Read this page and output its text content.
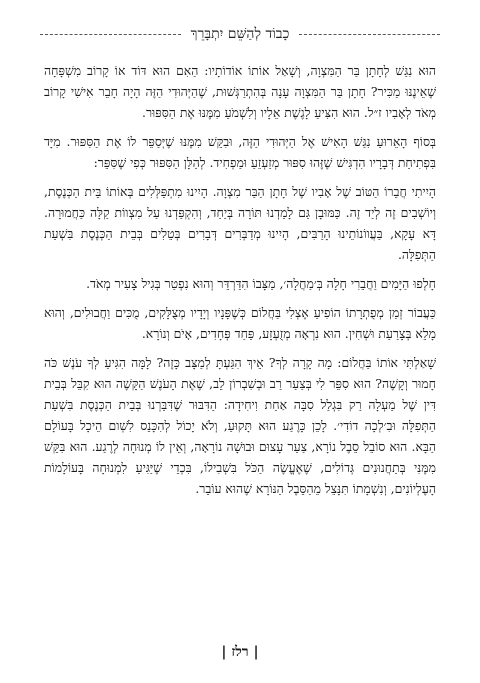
כָבוֹד לְהַשֵּׁם יִתְבָּרֵךְ

הוּא נִגַּשׁ לְחָתָן בַּר הַמִּצְוָה, וְשָׁאַל אוֹתוֹ אוֹדוֹתָיו: הַאִם הוּא דּוֹד אוֹ קָרוֹב מִשְׁפָּחָה שֶׁאֵינֶנּוּ מַכִּיר? חָתָן בַּר הַמִּצְוָה עָנָה בְּהִתְרַגְּשׁוּת, שֶׁהַיְּהוּדִי הַזֶּה הָיָה חָבֵר אִישִׁי קָרוֹב מְאֹד לְאָבִיו ז״ל. הוּא הִצִּיעַ לָגֶשֶׁת אֵלָיו וְלִשְׁמֹעַ מִמֶּנּוּ אֶת הַסִּפּוּר.

בְּסוֹף הָאֵרוּעַ נִגַּשׁ הָאִישׁ אֶל הַיְּהוּדִי הַזֶּה, וּבִקֵּשׁ מִמֶּנּוּ שֶׁיְּסַפֵּר לוֹ אֶת הַסִּפּוּר. מִיָּד בִּפְתִיחַת דְּבָרָיו הִדְגִּישׁ שֶׁזֶּהוּ סִפּוּר מְזַעְזֵעַ וּמַפְחִיד. לְהַלָּן הַסִּפּוּר כְּפִי שֶׁסִּפֵּר:

הָיִיתִי חֲבֵרוֹ הַטּוֹב שֶׁל אָבִיו שֶׁל חָתָן הַבַּר מִצְוָה. הָיִינוּ מִתְפַּלְּלִים בְּאוֹתוֹ בֵּית הַכְּנֶסֶת, וְיוֹשְׁבִים זֶה לְיַד זֶה. כַּמּוּבָן גַּם לָמַדְנוּ תּוֹרָה בְּיַחַד, וְהִקְפַּדְנוּ עַל מִצְווֹת קַלָּה כַּחֲמוּרָה. דָּא עָקָא, בַּעֲווֹנוֹתֵינוּ הָרַבִּים, הָיִינוּ מְדַבְּרִים דְּבָרִים בְּטֵלִים בְּבֵית הַכְּנֶסֶת בִּשְׁעַת הַתְּפִלָּה.

חָלְפוּ הַיָּמִים וַחֲבֵרִי חָלָה בְּ׳מַחֲלָה׳, מַצָּבוֹ הִדַּרְדֵּר וְהוּא נִפְטַר בְּגִיל צָעִיר מְאֹד.

כַּעֲבוֹר זְמַן מְפֻתְרָתוֹ הוֹפִיעַ אֶצְלִי בַּחֲלוֹם כְּשֶׁפָּנָיו וְיָדָיו מְצֻלָּקִים, מֻכִּים וַחֲבוּלִים, וְהוּא מָלֵא בְּצָרַעַת וּשְׁחִין. הוּא נִרְאָה מְזֻעְזָע, פַּחַד פְּחָדִים, אָיֹם וְנוֹרָא.

שָׁאַלְתִּי אוֹתוֹ בַּחֲלוֹם: מָה קָרָה לְךָ? אֵיךְ הִגַּעְתָּ לְמַצָּב כָּזֶה? לָמָּה הִגִּיעַ לְךָ עֹנֶשׁ כֹּה חָמוּר וְקָשֶׁה? הוּא סִפֵּר לִי בְּצַעַר רַב וּבְשִׁבְרוֹן לֵב, שֶׁאֶת הָעֹנֶשׁ הַקָּשֶׁה הוּא קִבֵּל בְּבֵית דִּין שֶׁל מַעְלָה רַק בִּגְלַל סִבָּה אַחַת וִיחִידָה: הַדִּבּוּר שֶׁדִּבַּרְנוּ בְּבֵית הַכְּנֶסֶת בִּשְׁעַת הַתְּפִלָּה וּבִ׳לְכָה דוֹדִי׳. לָכֵן כָּרֶגַע הוּא תָּקוּעַ, וְלֹא יָכוֹל לְהִכָּנֵס לִשְׁום הֵיכָל בָּעוֹלָם הַבָּא. הוּא סוֹבֵל סֵבֶל נוֹרָא, צַעַר עָצוּם וּבוּשָׁה נוֹרָאָה, וְאֵין לוֹ מְנוּחָה לְרֶגַע. הוּא בִּקֵּשׁ מִמֶּנִּי בְּתַחֲנוּנִים גְּדוֹלִים, שֶׁאֶעֱשֶׂה הַכֹּל בִּשְׁבִילוֹ, בִּכְדֵי שֶׁיַּגִּיעַ לִמְנוּחָה בָּעוֹלָמוֹת הָעֶלְיוֹנִים, וְנִשְׁמָתוֹ תִּנָּצֵל מֵהַסֵּבֶל הַנּוֹרָא שֶׁהוּא עוֹבֵר.

| רלז |
